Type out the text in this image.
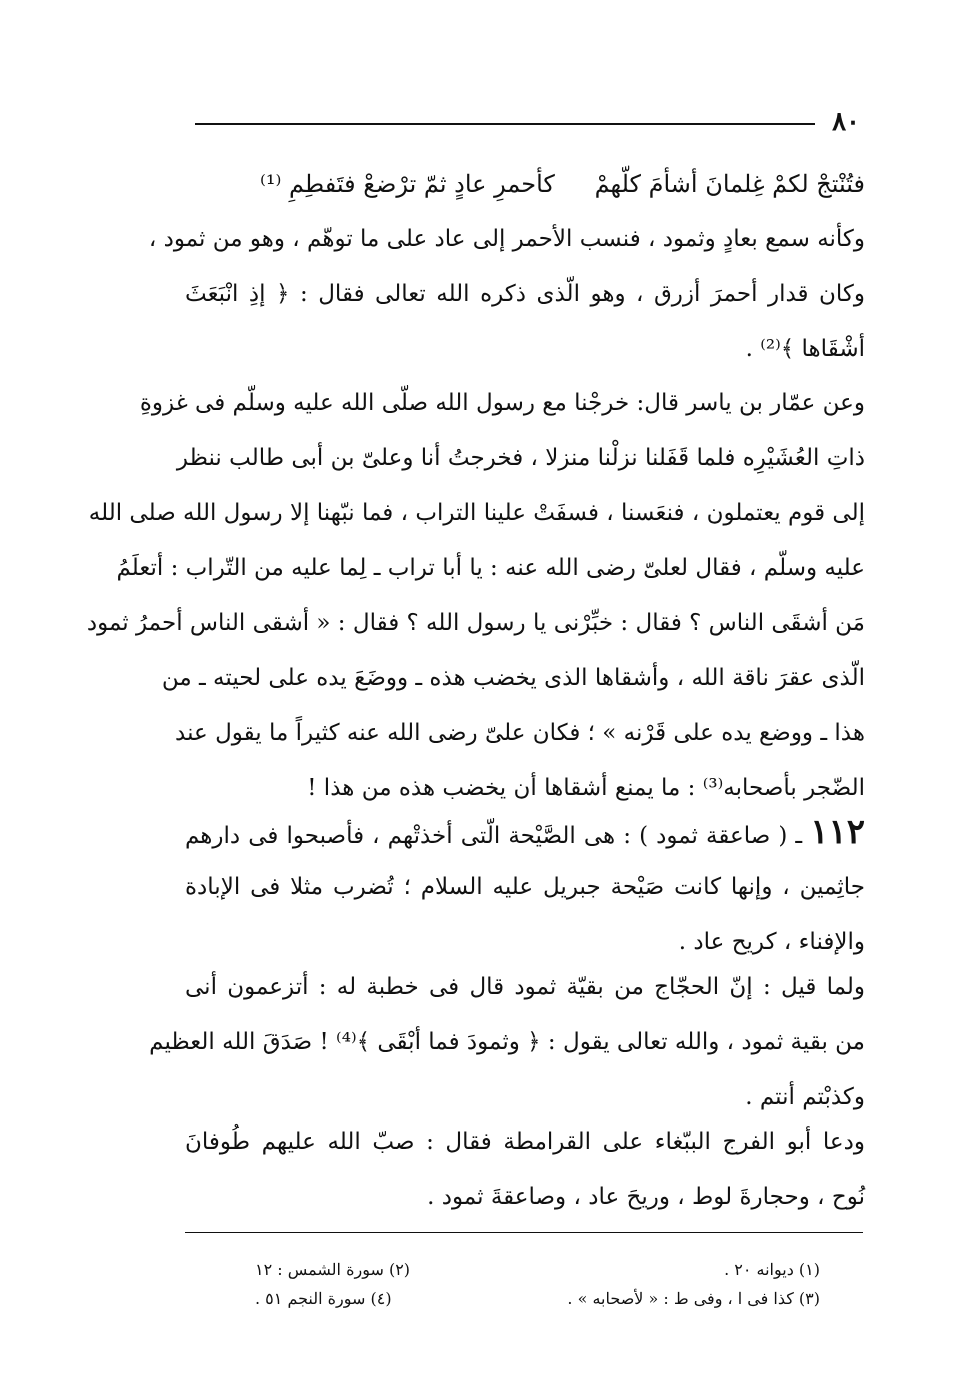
٨٠
فتُنْتجْ لكمْ غِلمانَ أشأمَ كلّهمْ
كأحمرِ عادٍ ثمّ ترْضعْ فتَفطِمِ ⁽¹⁾
وكأنه سمع بعادٍ وثمود ، فنسب الأحمر إلى عاد على ما توهّم ، وهو من ثمود ،
وكان قدار أحمرَ أزرق ، وهو الّذى ذكره الله تعالى فقال : ﴿ إذِ انْبَعَثَ
أشْقَاها ﴾⁽²⁾ .
وعن عمّار بن ياسر قال: خرجْنا مع رسول الله صلّى الله عليه وسلّم فى غزوةِ
ذاتِ العُشَيْرِه فلما قَفَلنا نزلْنا منزلا ، فخرجتُ أنا وعلىّ بن أبى طالب ننظر
إلى قوم يعتملون ، فنعَسنا ، فسفَتْ علينا التراب ، فما نبّهنا إلا رسول الله صلى الله
عليه وسلّم ، فقال لعلىّ رضى الله عنه : يا أبا تراب ـ لِما عليه من التّراب : أتعلَمُ
مَن أشقَى الناس ؟ فقال : خبِّرْنى يا رسول الله ؟ فقال : « أشقى الناس أحمرُ ثمود
الّذى عقرَ ناقة الله ، وأشقاها الذى يخضب هذه ـ ووضَعَ يده على لحيته ـ من
هذا ـ ووضع يده على قَرْنه » ؛ فكان علىّ رضى الله عنه كثيراً ما يقول عند
الضّجر بأصحابه⁽³⁾ : ما يمنع أشقاها أن يخضب هذه من هذا !
١١٢ ـ ( صاعقة ثمود ) : هى الصَّيْحة الّتى أخذتْهم ، فأصبحوا فى دارهم
جاثِمين ، وإنها كانت صَيْحة جبريل عليه السلام ؛ تُضرب مثلا فى الإبادة
والإفناء ، كريح عاد .
ولما قيل : إنّ الحجّاج من بقيّة ثمود قال فى خطبة له : أتزعمون أنى
من بقية ثمود ، والله تعالى يقول : ﴿ وثمودَ فما أبْقَى ﴾⁽⁴⁾ ! صَدَقَ الله العظيم
وكذبْتم أنتم .
ودعا أبو الفرج الببّغاء على القرامطة فقال : صبّ الله عليهم طُوفانَ
نُوح ، وحجارةَ لوط ، وريحَ عاد ، وصاعقةَ ثمود .
(١) ديوانه ٢٠ .
(٢) سورة الشمس : ١٢
(٣) كذا فى ا ، وفى ط : « لأصحابه » .
(٤) سورة النجم ٥١ .
